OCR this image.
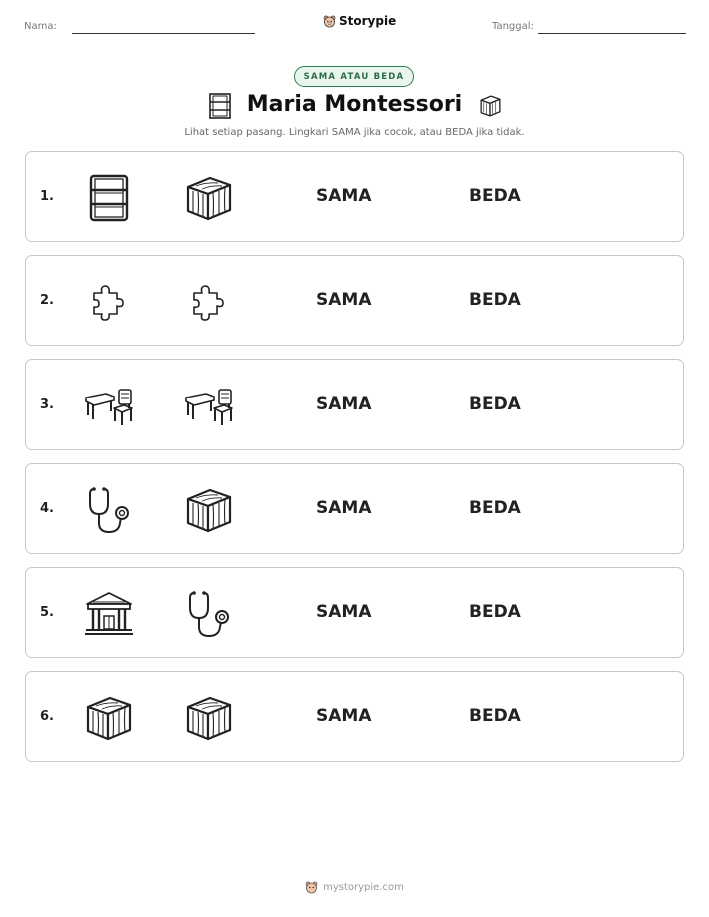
Nama:	Storypie	Tanggal:
SAMA ATAU BEDA
Maria Montessori
Lihat setiap pasang. Lingkari SAMA jika cocok, atau BEDA jika tidak.
1.	SAMA	BEDA
2.	SAMA	BEDA
3.	SAMA	BEDA
4.	SAMA	BEDA
5.	SAMA	BEDA
6.	SAMA	BEDA
mystorypie.com
